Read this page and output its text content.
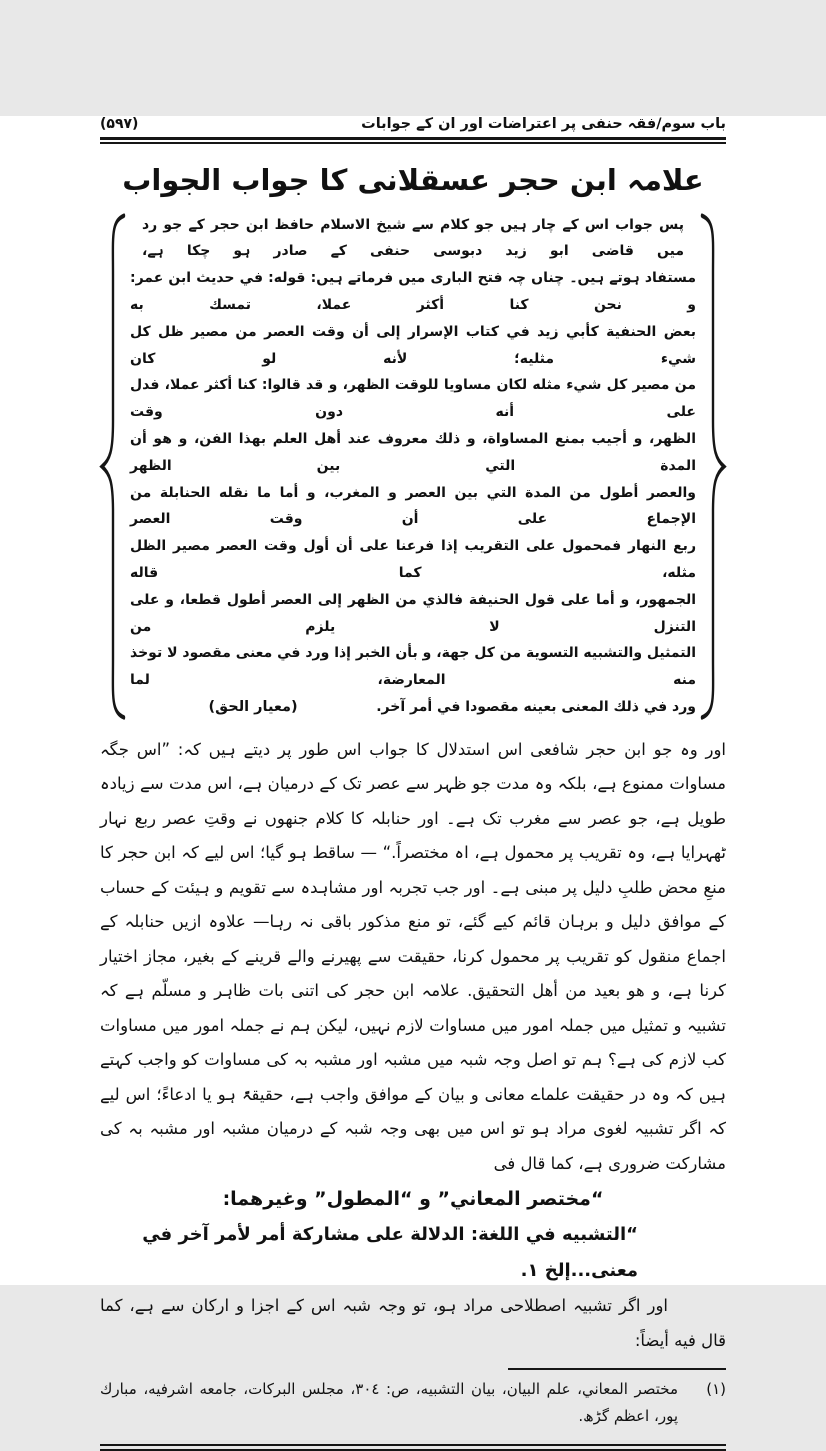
باب سوم/فقہ حنفی پر اعتراضات اور ان کے جوابات
(۵۹۷)
علامہ ابن حجر عسقلانی کا جواب الجواب
پس جواب اس کے چار ہیں جو کلام سے شیخ الاسلام حافظ ابن حجر کے جو رد میں قاضی ابو زید دبوسی حنفی کے صادر ہو چکا ہے،
مستفاد ہوتے ہیں۔ چناں چہ فتح الباری میں فرماتے ہیں: قوله: في حديث ابن عمر: و نحن كنا أكثر عملا، تمسك به
بعض الحنفية كأبي زيد في كتاب الإسرار إلى أن وقت العصر من مصير ظل كل شيء مثليه؛ لأنه لو كان
من مصير كل شيء مثله لكان مساويا للوقت الظهر، و قد قالوا: كنا أكثر عملا، فدل على أنه دون وقت
الظهر، و أجيب بمنع المساواة، و ذلك معروف عند أهل العلم بهذا الفن، و هو أن المدة التي بين الظهر
والعصر أطول من المدة التي بين العصر و المغرب، و أما ما نقله الحنابلة من الإجماع على أن وقت العصر
ربع النهار فمحمول على التقريب إذا فرعنا على أن أول وقت العصر مصير الظل مثله، كما قاله
الجمهور، و أما على قول الحنيفة فالذي من الظهر إلى العصر أطول قطعا، و على التنزل لا يلزم من
التمثيل والتشبيه التسوية من كل جهة، و بأن الخبر إذا ورد في معنى مقصود لا توخذ منه المعارضة، لما
ورد في ذلك المعنى بعينه مقصودا في أمر آخر.
(معیار الحق)
اور وہ جو ابن حجر شافعی اس استدلال کا جواب اس طور پر دیتے ہیں کہ: ”اس جگہ مساوات ممنوع ہے، بلکہ وہ مدت جو ظہر سے عصر تک کے درمیان ہے، اس مدت سے زیادہ طویل ہے، جو عصر سے مغرب تک ہے۔ اور حنابلہ کا کلام جنھوں نے وقتِ عصر ربع نہار ٹھہرایا ہے، وہ تقریب پر محمول ہے، اہ مختصراً.“ — ساقط ہو گیا؛ اس لیے کہ ابن حجر کا منعِ محض طلبِ دلیل پر مبنی ہے۔ اور جب تجربہ اور مشاہدہ سے تقویم و ہیئت کے حساب کے موافق دلیل و برہان قائم کیے گئے، تو منع مذکور باقی نہ رہا— علاوہ ازیں حنابلہ کے اجماع منقول کو تقریب پر محمول کرنا، حقیقت سے پھیرنے والے قرینے کے بغیر، مجاز اختیار کرنا ہے، و ھو بعید من أھل التحقیق. علامہ ابن حجر کی اتنی بات ظاہر و مسلّم ہے کہ تشبیہ و تمثیل میں جملہ امور میں مساوات لازم نہیں، لیکن ہم نے جملہ امور میں مساوات کب لازم کی ہے؟ ہم تو اصل وجہ شبہ میں مشبہ اور مشبہ بہ کی مساوات کو واجب کہتے ہیں کہ وہ در حقیقت علماے معانی و بیان کے موافق واجب ہے، حقیقۃً ہو یا ادعاءً؛ اس لیے کہ اگر تشبیہ لغوی مراد ہو تو اس میں بھی وجہ شبہ کے درمیان مشبہ اور مشبہ بہ کی مشارکت ضروری ہے، کما قال فی
“مختصر المعاني” و “المطول” وغيرهما:
“التشبيه في اللغة: الدلالة على مشاركة أمر لأمر آخر في معنى...إلخ ١.
اور اگر تشبیہ اصطلاحی مراد ہو، تو وجہ شبہ اس کے اجزا و ارکان سے ہے، کما قال فيه أيضاً:
(۱)
مختصر المعاني، علم البيان، بيان التشبيه، ص: ٣٠٤، مجلس البركات، جامعه اشرفيه، مبارك پور، اعظم گڑھ.
